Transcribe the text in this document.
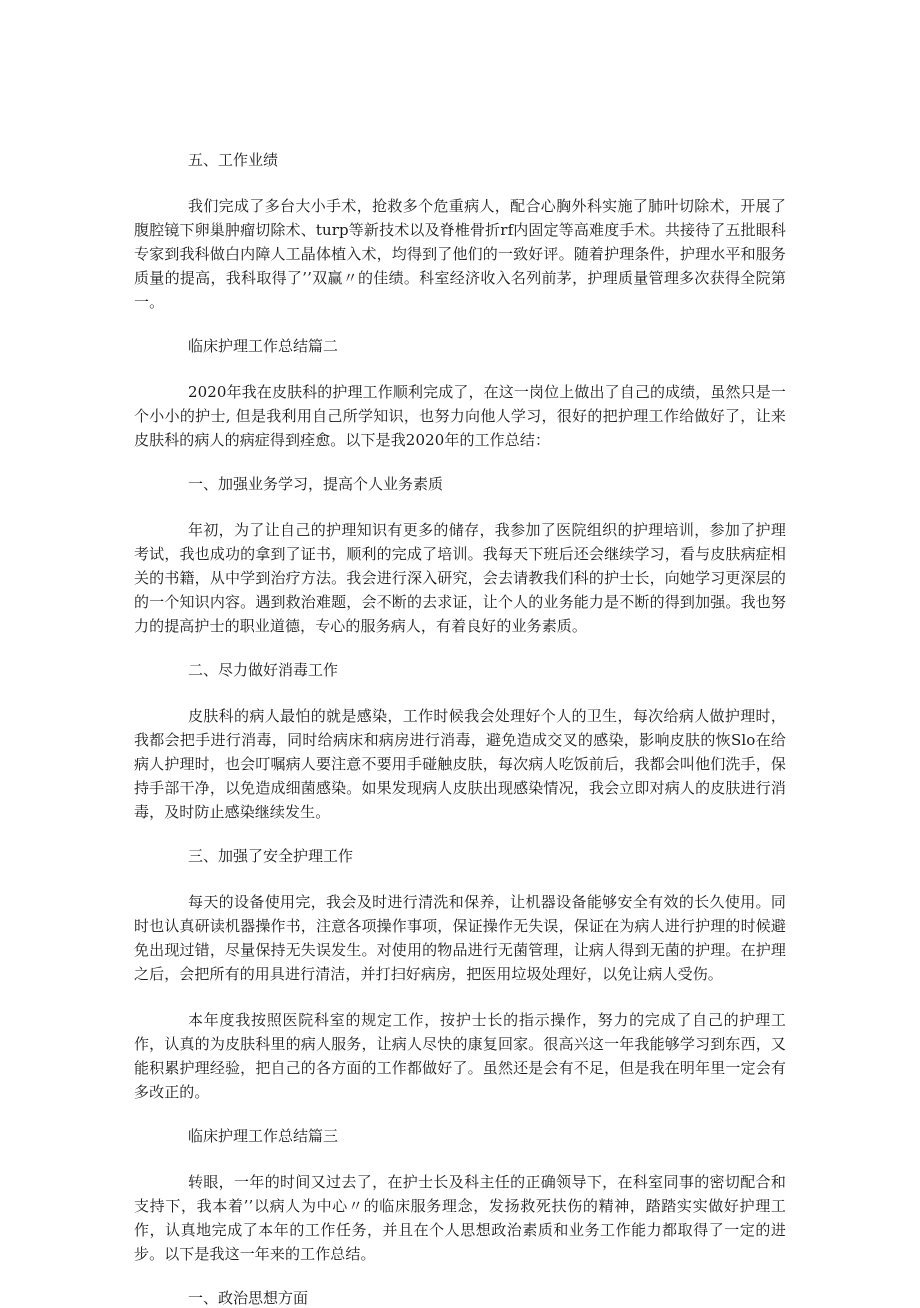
五、工作业绩

我们完成了多台大小手术，抢救多个危重病人，配合心胸外科实施了肺叶切除术，开展了腹腔镜下卵巢肿瘤切除术、turp等新技术以及脊椎骨折rf内固定等高难度手术。共接待了五批眼科专家到我科做白内障人工晶体植入术，均得到了他们的一致好评。随着护理条件，护理水平和服务质量的提高，我科取得了’’双赢〃的佳绩。科室经济收入名列前茅，护理质量管理多次获得全院第一。

临床护理工作总结篇二

2020年我在皮肤科的护理工作顺利完成了，在这一岗位上做出了自己的成绩，虽然只是一个小小的护士, 但是我利用自己所学知识，也努力向他人学习，很好的把护理工作给做好了，让来皮肤科的病人的病症得到痊愈。以下是我2020年的工作总结：

一、加强业务学习，提高个人业务素质

年初，为了让自己的护理知识有更多的储存，我参加了医院组织的护理培训，参加了护理考试，我也成功的拿到了证书，顺利的完成了培训。我每天下班后还会继续学习，看与皮肤病症相关的书籍，从中学到治疗方法。我会进行深入研究，会去请教我们科的护士长，向她学习更深层的的一个知识内容。遇到救治难题，会不断的去求证，让个人的业务能力是不断的得到加强。我也努力的提高护士的职业道德，专心的服务病人，有着良好的业务素质。

二、尽力做好消毒工作

皮肤科的病人最怕的就是感染，工作时候我会处理好个人的卫生，每次给病人做护理时，我都会把手进行消毒，同时给病床和病房进行消毒，避免造成交叉的感染，影响皮肤的恢Slo在给病人护理时，也会叮嘱病人要注意不要用手碰触皮肤，每次病人吃饭前后，我都会叫他们洗手，保持手部干净，以免造成细菌感染。如果发现病人皮肤出现感染情况，我会立即对病人的皮肤进行消毒，及时防止感染继续发生。

三、加强了安全护理工作

每天的设备使用完，我会及时进行清洗和保养，让机器设备能够安全有效的长久使用。同时也认真研读机器操作书，注意各项操作事项，保证操作无失误，保证在为病人进行护理的时候避免出现过错，尽量保持无失误发生。对使用的物品进行无菌管理，让病人得到无菌的护理。在护理之后，会把所有的用具进行清洁，并打扫好病房，把医用垃圾处理好，以免让病人受伤。

本年度我按照医院科室的规定工作，按护士长的指示操作，努力的完成了自己的护理工作，认真的为皮肤科里的病人服务，让病人尽快的康复回家。很高兴这一年我能够学习到东西，又能积累护理经验，把自己的各方面的工作都做好了。虽然还是会有不足，但是我在明年里一定会有多改正的。

临床护理工作总结篇三

转眼，一年的时间又过去了，在护士长及科主任的正确领导下，在科室同事的密切配合和支持下，我本着’’以病人为中心〃的临床服务理念，发扬救死扶伤的精神，踏踏实实做好护理工作，认真地完成了本年的工作任务，并且在个人思想政治素质和业务工作能力都取得了一定的进步。以下是我这一年来的工作总结。

一、政治思想方面
